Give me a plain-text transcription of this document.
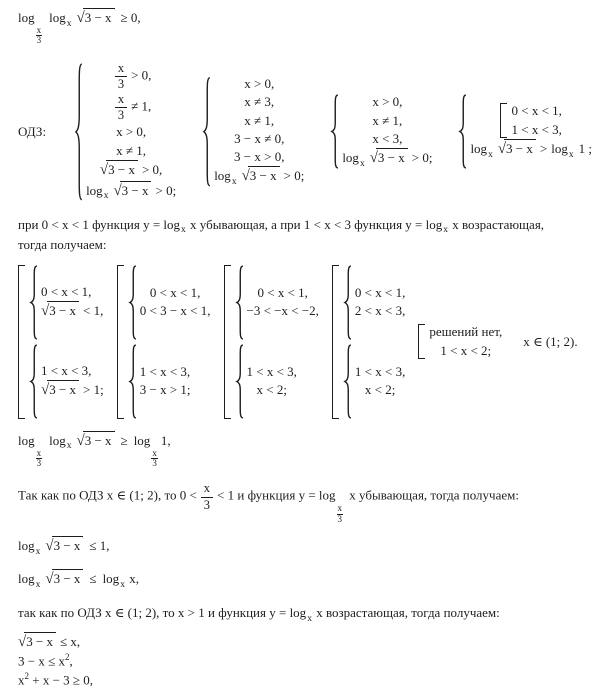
log
$\frac{x}{3}$
$\log_x √3 - x \ge 0$,
ОДЗ:
$\frac{x}{3} > 0$,
$\frac{x}{3} \ne 1$,
x > 0,
x ≠ 1,
√3 − x > 0,
$\log_x √3 - x > 0$;
x > 0,
x ≠ 3,
x ≠ 1,
3 − x ≠ 0,
3 − x > 0,
$\log_x √3 - x > 0$;
x > 0,
x ≠ 1,
x < 3,
$\log_x √3 - x > 0$;
0 < x < 1,
1 < x < 3,
$\log_x √3 - x > \log_x 1$ ;
при 0 < x < 1 функция $y = \log_x x$ убывающая, а при 1 < x < 3 функция $y = \log_x x$ возрастающая,
тогда получаем:
0 < x < 1,
√3 − x < 1,
1 < x < 3,
√3 − x > 1;
0 < x < 1,
0 < 3 − x < 1,
1 < x < 3,
3 − x > 1;
0 < x < 1,
−3 < −x < −2,
1 < x < 3,
x < 2;
0 < x < 1,
2 < x < 3,
1 < x < 3,
x < 2;
решений нет,
1 < x < 2;
x ∈ (1; 2).
log
$\frac{x}{3}$
$\log_x √3 - x \ge \log$
$\frac{x}{3}$
1,
Так как по ОДЗ x ∈ (1; 2), то $0 < \frac{x}{3} < 1$ и функция y = log
$\frac{x}{3}$
x убывающая, тогда получаем:
$\log_x √3 - x \le 1$,
$\log_x √3 - x \le \log_x x$,
так как по ОДЗ x ∈ (1; 2), то x > 1 и функция $y = \log_x x$ возрастающая, тогда получаем:
√3 − x ≤ x,
$3 - x \le x^2$,
$x^2 + x - 3 \ge 0$,
